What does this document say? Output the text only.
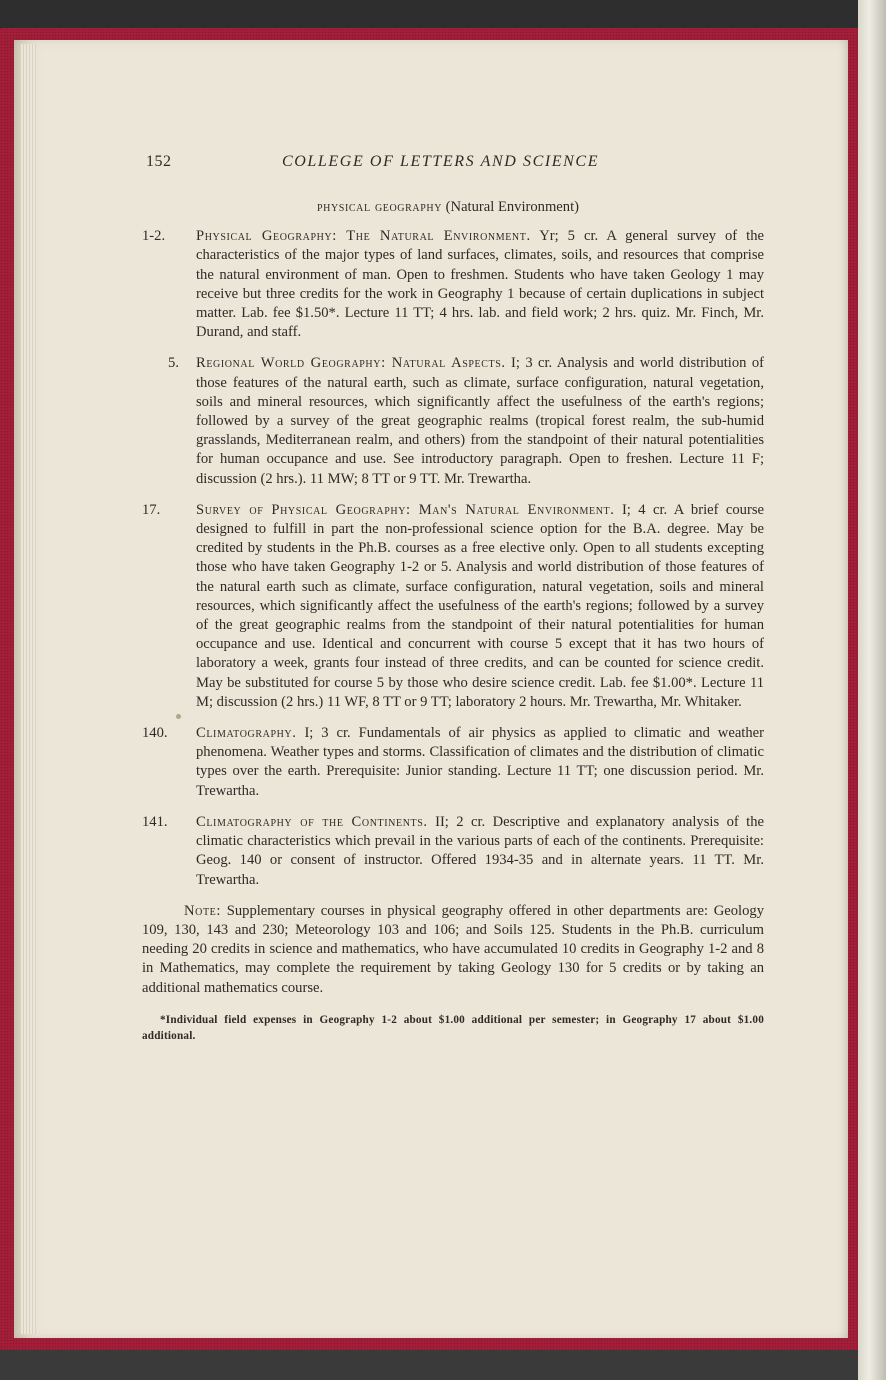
152	COLLEGE OF LETTERS AND SCIENCE
physical geography (Natural Environment)
1-2.	Physical Geography: The Natural Environment. Yr; 5 cr. A general survey of the characteristics of the major types of land surfaces, climates, soils, and resources that comprise the natural environment of man. Open to freshmen. Students who have taken Geology 1 may receive but three credits for the work in Geography 1 because of certain duplications in subject matter. Lab. fee $1.50*. Lecture 11 TT; 4 hrs. lab. and field work; 2 hrs. quiz. Mr. Finch, Mr. Durand, and staff.
5.	Regional World Geography: Natural Aspects. I; 3 cr. Analysis and world distribution of those features of the natural earth, such as climate, surface configuration, natural vegetation, soils and mineral resources, which significantly affect the usefulness of the earth's regions; followed by a survey of the great geographic realms (tropical forest realm, the sub-humid grasslands, Mediterranean realm, and others) from the standpoint of their natural potentialities for human occupance and use. See introductory paragraph. Open to freshen. Lecture 11 F; discussion (2 hrs.). 11 MW; 8 TT or 9 TT. Mr. Trewartha.
17.	Survey of Physical Geography: Man's Natural Environment. I; 4 cr. A brief course designed to fulfill in part the non-professional science option for the B.A. degree. May be credited by students in the Ph.B. courses as a free elective only. Open to all students excepting those who have taken Geography 1-2 or 5. Analysis and world distribution of those features of the natural earth such as climate, surface configuration, natural vegetation, soils and mineral resources, which significantly affect the usefulness of the earth's regions; followed by a survey of the great geographic realms from the standpoint of their natural potentialities for human occupance and use. Identical and concurrent with course 5 except that it has two hours of laboratory a week, grants four instead of three credits, and can be counted for science credit. May be substituted for course 5 by those who desire science credit. Lab. fee $1.00*. Lecture 11 M; discussion (2 hrs.) 11 WF, 8 TT or 9 TT; laboratory 2 hours. Mr. Trewartha, Mr. Whitaker.
140.	Climatography. I; 3 cr. Fundamentals of air physics as applied to climatic and weather phenomena. Weather types and storms. Classification of climates and the distribution of climatic types over the earth. Prerequisite: Junior standing. Lecture 11 TT; one discussion period. Mr. Trewartha.
141.	Climatography of the Continents. II; 2 cr. Descriptive and explanatory analysis of the climatic characteristics which prevail in the various parts of each of the continents. Prerequisite: Geog. 140 or consent of instructor. Offered 1934-35 and in alternate years. 11 TT. Mr. Trewartha.
Note: Supplementary courses in physical geography offered in other departments are: Geology 109, 130, 143 and 230; Meteorology 103 and 106; and Soils 125. Students in the Ph.B. curriculum needing 20 credits in science and mathematics, who have accumulated 10 credits in Geography 1-2 and 8 in Mathematics, may complete the requirement by taking Geology 130 for 5 credits or by taking an additional mathematics course.
*Individual field expenses in Geography 1-2 about $1.00 additional per semester; in Geography 17 about $1.00 additional.
